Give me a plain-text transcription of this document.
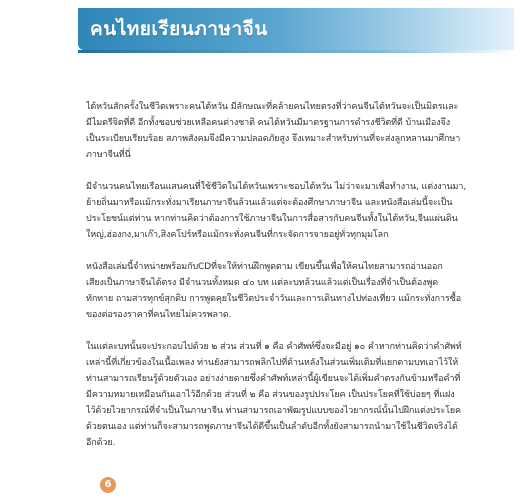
คนไทยเรียนภาษาจีน
ไต้หวันสักครั้งในชีวิตเพราะคนไต้หวัน มีลักษณะที่คล้ายคนไทยตรงที่ว่าคนจีนไต้หวันจะเป็นมิตรและ
มีไมตรีจิตที่ดี อีกทั้งชอบช่วยเหลือคนต่างชาติ คนไต้หวันมีมาตรฐานการดำรงชีวิตที่ดี บ้านเมืองจึง
เป็นระเบียบเรียบร้อย สภาพสังคมจึงมีความปลอดภัยสูง จึงเหมาะสำหรับท่านที่จะส่งลูกหลานมาศึกษา
ภาษาจีนที่นี่
มีจำนวนคนไทยเรือนแสนคนที่ใช้ชีวิตในไต้หวันเพราะชอบไต้หวัน ไม่ว่าจะมาเพื่อทำงาน, แต่งงานมา,
ย้ายถิ่นมาหรือแม้กระทั่งมาเรียนภาษาจีนล้วนแล้วแต่จะต้องศึกษาภาษาจีน และหนังสือเล่มนี้จะเป็น
ประโยชน์แต่ท่าน หากท่านคิดว่าต้องการใช้ภาษาจีนในการสื่อสารกับคนจีนทั้งในไต้หวัน,จีนแผ่นดิน
ใหญ่,ฮ่องกง,มาเก๊า,สิงคโปร์หรือแม้กระทั่งคนจีนที่กระจัดการจายอยู่ทั่วทุกมุมโลก
หนังสือเล่มนี้จำหน่ายพร้อมกับCDที่จะให้ท่านฝึกพูดตาม เขียนขึ้นเพื่อให้คนไทยสามารถอ่านออก
เสียงเป็นภาษาจีนได้ตรง มีจำนวนทั้งหมด ๔๐ บท แต่ละบทล้วนแล้วแต่เป็นเรื่องที่จำเป็นต้องพูด
ทักทาย ถามสารทุกข์สุกดิบ การพูดคุยในชีวิตประจำวันและการเดินทางไปท่องเที่ยว แม้กระทั่งการซื้อ
ของต่อรองราคาที่คนไทยไม่ควรพลาด.
ในแต่ละบทนั้นจะประกอบไปด้วย ๒ ส่วน ส่วนที่ ๑ คือ คำศัพท์ซึ่งจะมีอยู่ ๑๐ คำหากท่านคิดว่าคำศัพท์
เหล่านี้ที่เกี่ยวข้องในเนื้อเพลง ท่านยังสามารถพลิกไปที่ด้านหลังในส่วนเพิ่มเติมที่แยกตามบทเอาไว้ให้
ท่านสามารถเรียนรู้ด้วยตัวเอง อย่างง่ายดายซึ่งคำศัพท์เหล่านี้ผู้เขียนจะได้เพิ่มคำตรงกันข้ามหรือคำที่
มีความหมายเหมือนกันเอาไว้อีกด้วย ส่วนที่ ๒ คือ ส่วนของรูปประโยค เป็นประโยคที่ใช้บ่อยๆ ที่แฝง
ไว้ด้วยไวยากรณ์ที่จำเป็นในภาษาจีน ท่านสามารถเอาพัฒรูปแบบของไวยากรณ์นั้นไปฝึกแต่งประโยค
ด้วยตนเอง แต่ท่านก็จะสามารถพูดภาษาจีนได้ดีขึ้นเป็นลำดับอีกทั้งยังสามารถนำมาใช้ในชีวิตจริงได้
อีกด้วย.
6
